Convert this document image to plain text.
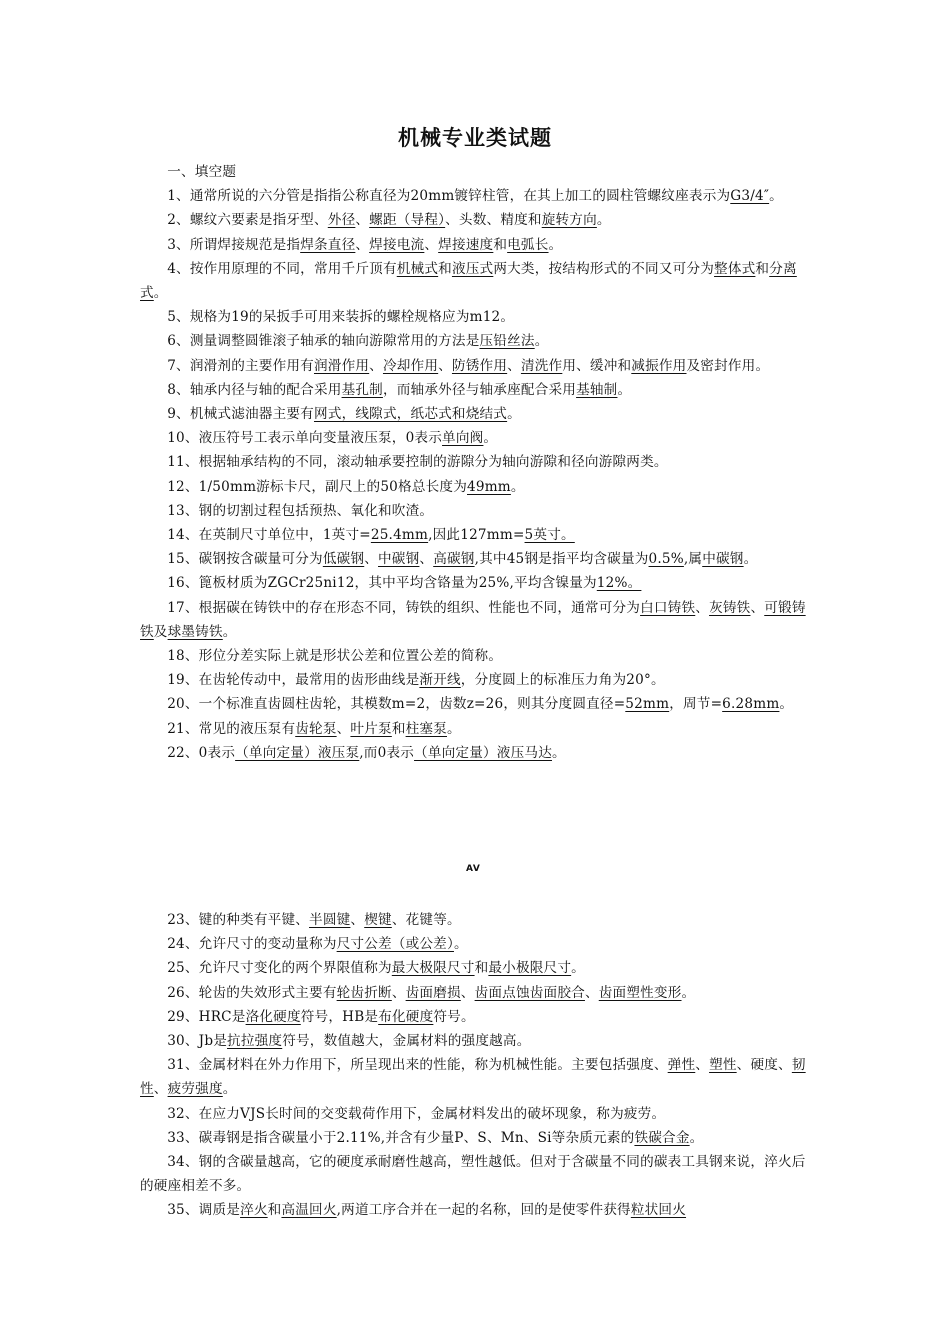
机械专业类试题

一、填空题

1、通常所说的六分管是指指公称直径为20mm镀锌柱管，在其上加工的圆柱管螺纹座表示为G3/4″。

2、螺纹六要素是指牙型、外径、螺距（导程）、头数、精度和旋转方向。

3、所谓焊接规范是指焊条直径、焊接电流、焊接速度和电弧长。

4、按作用原理的不同，常用千斤顶有机械式和液压式两大类，按结构形式的不同又可分为整体式和分离式。

5、规格为19的呆扳手可用来装拆的螺栓规格应为m12。

6、测量调整圆锥滚子轴承的轴向游隙常用的方法是压铅丝法。

7、润滑剂的主要作用有润滑作用、冷却作用、防锈作用、清洗作用、缓冲和减振作用及密封作用。

8、轴承内径与轴的配合采用基孔制，而轴承外径与轴承座配合采用基轴制。

9、机械式滤油器主要有网式，线隙式，纸芯式和烧结式。

10、液压符号工表示单向变量液压泵，0表示单向阀。

11、根据轴承结构的不同，滚动轴承要控制的游隙分为轴向游隙和径向游隙两类。

12、1/50mm游标卡尺，副尺上的50格总长度为49mm。

13、钢的切割过程包括预热、氧化和吹渣。

14、在英制尺寸单位中，1英寸=25.4mm,因此127mm=5英寸。

15、碳钢按含碳量可分为低碳钢、中碳钢、高碳钢,其中45钢是指平均含碳量为0.5%,属中碳钢。

16、篦板材质为ZGCr25ni12，其中平均含铬量为25%,平均含镍量为12%。

17、根据碳在铸铁中的存在形态不同，铸铁的组织、性能也不同，通常可分为白口铸铁、灰铸铁、可锻铸铁及球墨铸铁。

18、形位分差实际上就是形状公差和位置公差的简称。

19、在齿轮传动中，最常用的齿形曲线是渐开线，分度圆上的标准压力角为20°。

20、一个标准直齿圆柱齿轮，其模数m=2，齿数z=26，则其分度圆直径=52mm，周节=6.28mm。

21、常见的液压泵有齿轮泵、叶片泵和柱塞泵。

22、0表示（单向定量）液压泵,而0表示（单向定量）液压马达。

AV

23、键的种类有平键、半圆键、楔键、花键等。

24、允许尺寸的变动量称为尺寸公差（或公差）。

25、允许尺寸变化的两个界限值称为最大极限尺寸和最小极限尺寸。

26、轮齿的失效形式主要有轮齿折断、齿面磨损、齿面点蚀齿面胶合、齿面塑性变形。

29、HRC是洛化硬度符号，HB是布化硬度符号。

30、Jb是抗拉强度符号，数值越大，金属材料的强度越高。

31、金属材料在外力作用下，所呈现出来的性能，称为机械性能。主要包括强度、弹性、塑性、硬度、韧性、疲劳强度。

32、在应力VJS长时间的交变载荷作用下，金属材料发出的破坏现象，称为疲劳。

33、碳毒钢是指含碳量小于2.11%,并含有少量P、S、Mn、Si等杂质元素的铁碳合金。

34、钢的含碳量越高，它的硬度承耐磨性越高，塑性越低。但对于含碳量不同的碳表工具钢来说，淬火后的硬座相差不多。

35、调质是淬火和高温回火,两道工序合并在一起的名称，回的是使零件获得粒状回火
